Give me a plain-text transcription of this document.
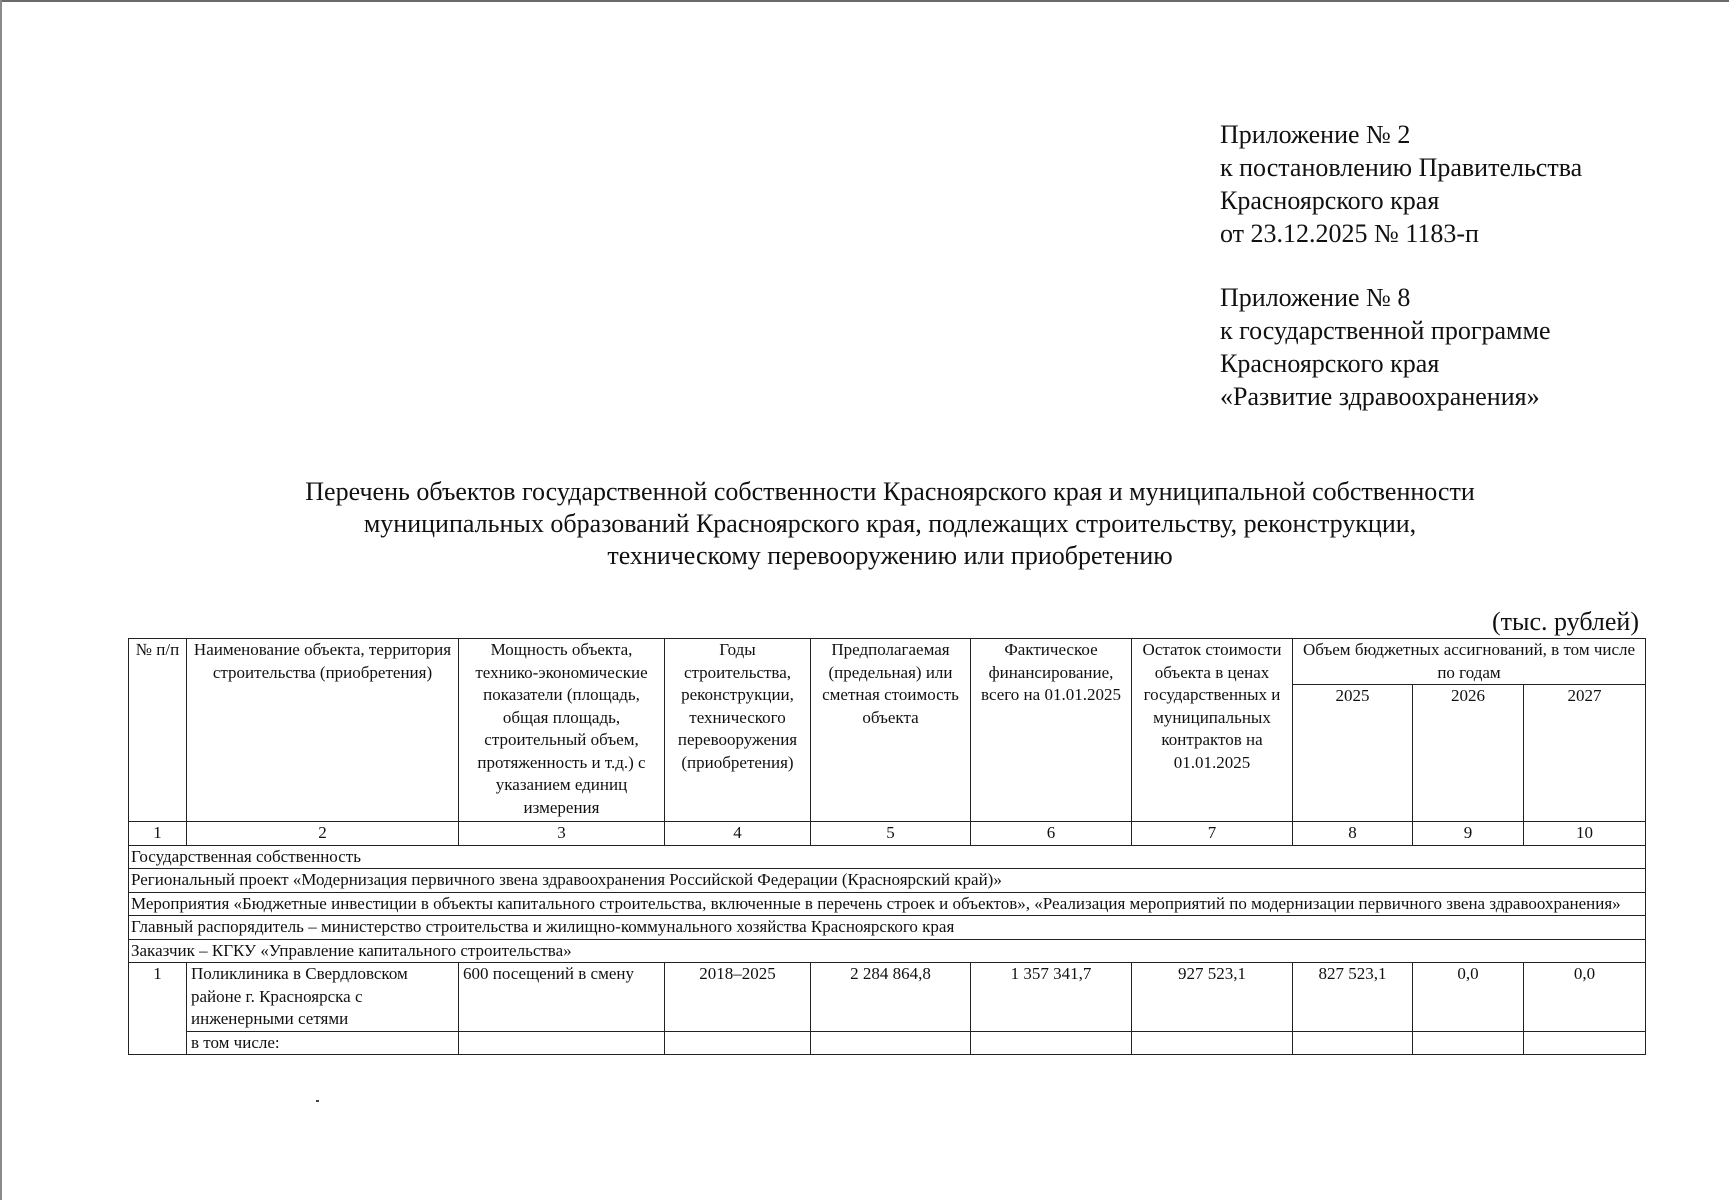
Приложение № 2
к постановлению Правительства
Красноярского края
от 23.12.2025 № 1183-п
Приложение № 8
к государственной программе
Красноярского края
«Развитие здравоохранения»
Перечень объектов государственной собственности Красноярского края и муниципальной собственности
муниципальных образований Красноярского края, подлежащих строительству, реконструкции,
техническому перевооружению или приобретению
(тыс. рублей)
№ п/п	Наименование объекта, территория строительства (приобретения)	Мощность объекта, технико-экономические показатели (площадь, общая площадь, строительный объем, протяженность и т.д.) с указанием единиц измерения	Годы строительства, реконструкции, технического перевооружения (приобретения)	Предполагаемая (предельная) или сметная стоимость объекта	Фактическое финансирование, всего на 01.01.2025	Остаток стоимости объекта в ценах государственных и муниципальных контрактов на 01.01.2025	Объем бюджетных ассигнований, в том числе по годам		
							2025	2026	2027
1	2	3	4	5	6	7	8	9	10
Государственная собственность									
Региональный проект «Модернизация первичного звена здравоохранения Российской Федерации (Красноярский край)»									
Мероприятия «Бюджетные инвестиции в объекты капитального строительства, включенные в перечень строек и объектов», «Реализация мероприятий по модернизации первичного звена здравоохранения»									
Главный распорядитель – министерство строительства и жилищно-коммунального хозяйства Красноярского края									
Заказчик – КГКУ «Управление капитального строительства»									
1	Поликлиника в Свердловском районе г. Красноярска с инженерными сетями	600 посещений в смену	2018–2025	2 284 864,8	1 357 341,7	927 523,1	827 523,1	0,0	0,0
	в том числе:								
